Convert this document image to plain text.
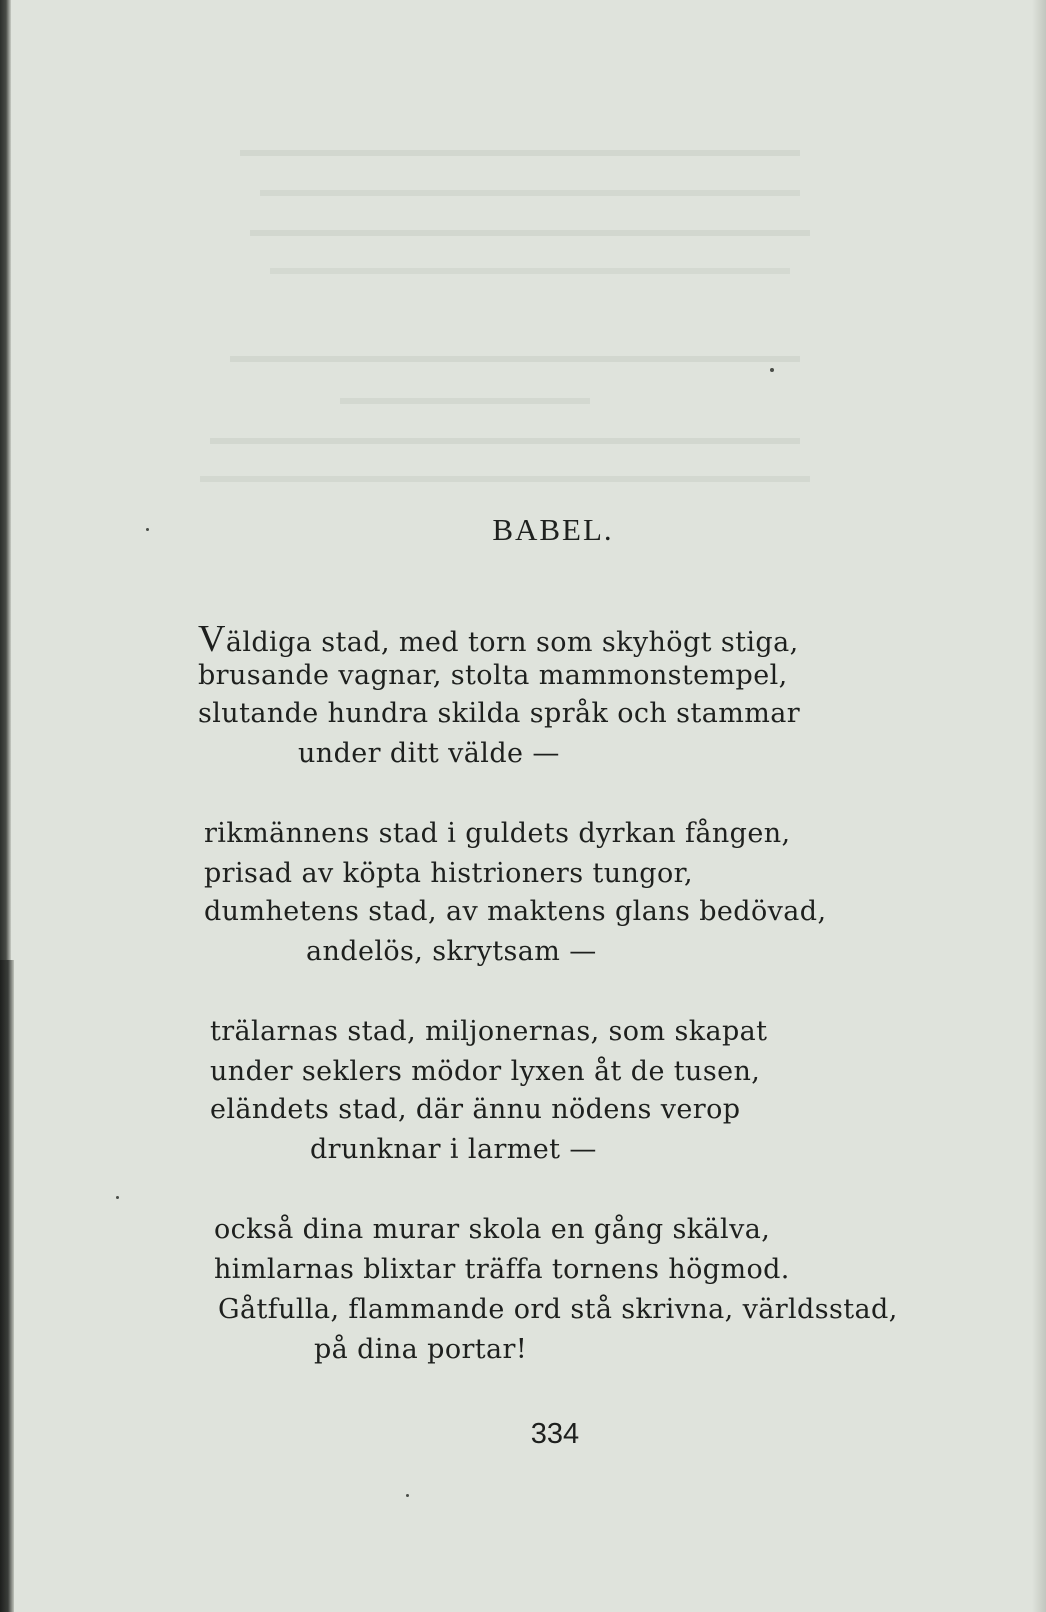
BABEL.
Väldiga stad, med torn som skyhögt stiga,
brusande vagnar, stolta mammonstempel,
slutande hundra skilda språk och stammar
under ditt välde —
rikmännens stad i guldets dyrkan fången,
prisad av köpta histrioners tungor,
dumhetens stad, av maktens glans bedövad,
andelös, skrytsam —
trälarnas stad, miljonernas, som skapat
under seklers mödor lyxen åt de tusen,
eländets stad, där ännu nödens verop
drunknar i larmet —
också dina murar skola en gång skälva,
himlarnas blixtar träffa tornens högmod.
Gåtfulla, flammande ord stå skrivna, världsstad,
på dina portar!
334
